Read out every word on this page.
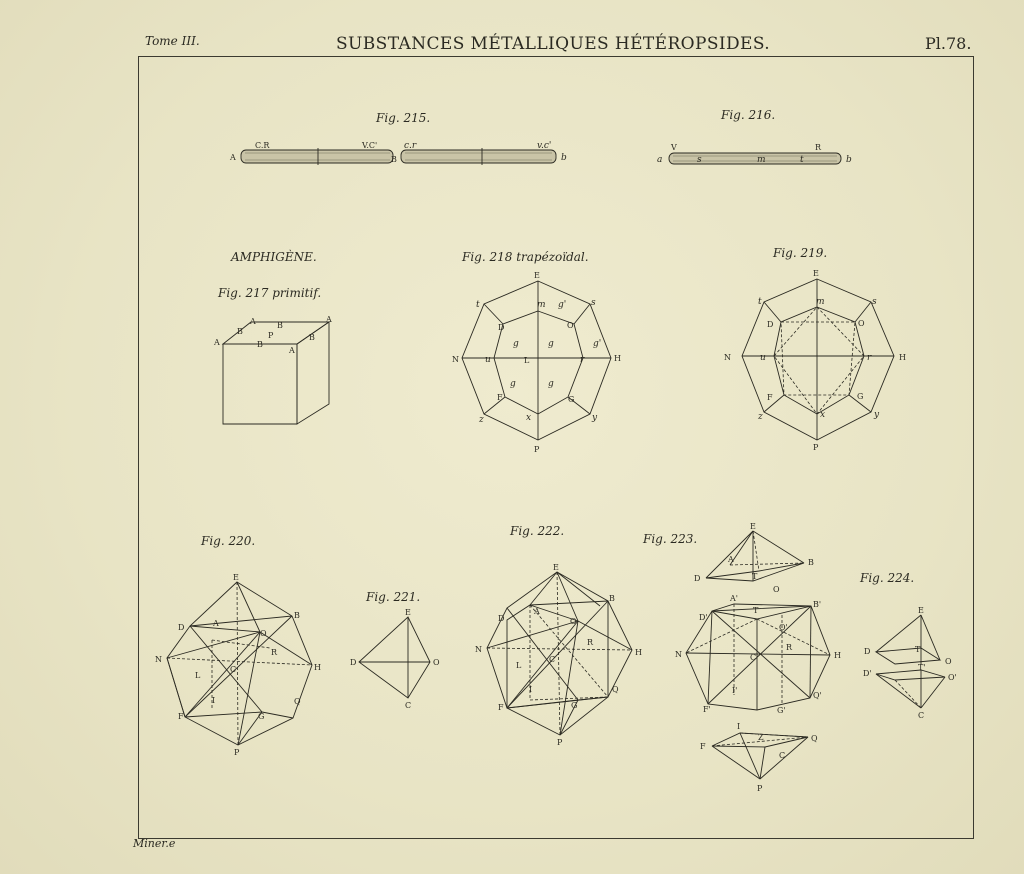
Tome III.	SUBSTANCES MÉTALLIQUES HÉTÉROPSIDES.	Pl.78.
Miner.e
Fig. 215.
C.R	V.C'	c.r	v.c'
A	B	b
Fig. 216.
V	R
a	s	m	t	b
AMPHIGÈNE.
Fig. 217 primitif.
A
B
B
A
P
A
B
B
A
Fig. 218 trapézoïdal.
E
m g'	s
t
D	O
g	g	g'
N	u	L	r	H
g	g
F	G
z	x	y
P
Fig. 219.
E
m
t	s
D	O
N	u	r	H
F	G
z	x	y
P
Fig. 220.
E
D	A
B
O
N
R
H
C
L
I
F	G
Q
P
Fig. 221.
E
D	O
C
Fig. 222.
E
B
D
A
O
N
R
H
C
L
I
F	G
Q
P
Fig. 223.
E
D
A
T
B
O
D'
A'
T
B'
O'
N
R
C'	H
I'
F'	G'
Q'
I
Z
F
Q
C
P
Fig. 224.
E
D	T
O
D'
T'
O'
C
